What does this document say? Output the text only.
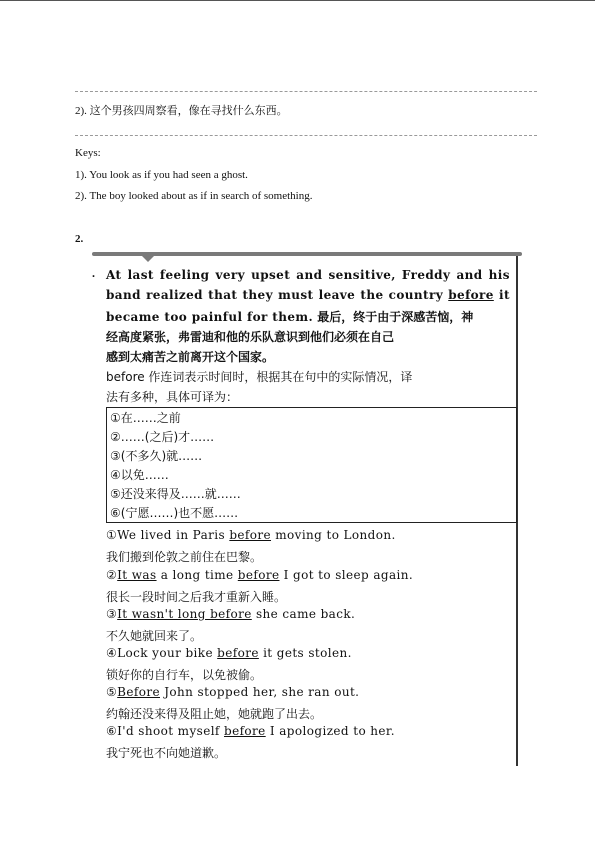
2). 这个男孩四周察看，像在寻找什么东西。
Keys:
1). You look as if you had seen a ghost.
2). The boy looked about as if in search of something.
2.
. At last feeling very upset and sensitive, Freddy and his
band realized that they must leave the country before it
became too painful for them. 最后，终于由于深感苦恼，神
经高度紧张，弗雷迪和他的乐队意识到他们必须在自己
感到太痛苦之前离开这个国家。
before 作连词表示时间时，根据其在句中的实际情况，译
法有多种，具体可译为：
①在……之前
②……(之后)才……
③(不多久)就……
④以免……
⑤还没来得及……就……
⑥(宁愿……)也不愿……
①We lived in Paris before moving to London.
我们搬到伦敦之前住在巴黎。
②It was a long time before I got to sleep again.
很长一段时间之后我才重新入睡。
③It wasn't long before she came back.
不久她就回来了。
④Lock your bike before it gets stolen.
锁好你的自行车，以免被偷。
⑤Before John stopped her, she ran out.
约翰还没来得及阻止她，她就跑了出去。
⑥I'd shoot myself before I apologized to her.
我宁死也不向她道歉。
